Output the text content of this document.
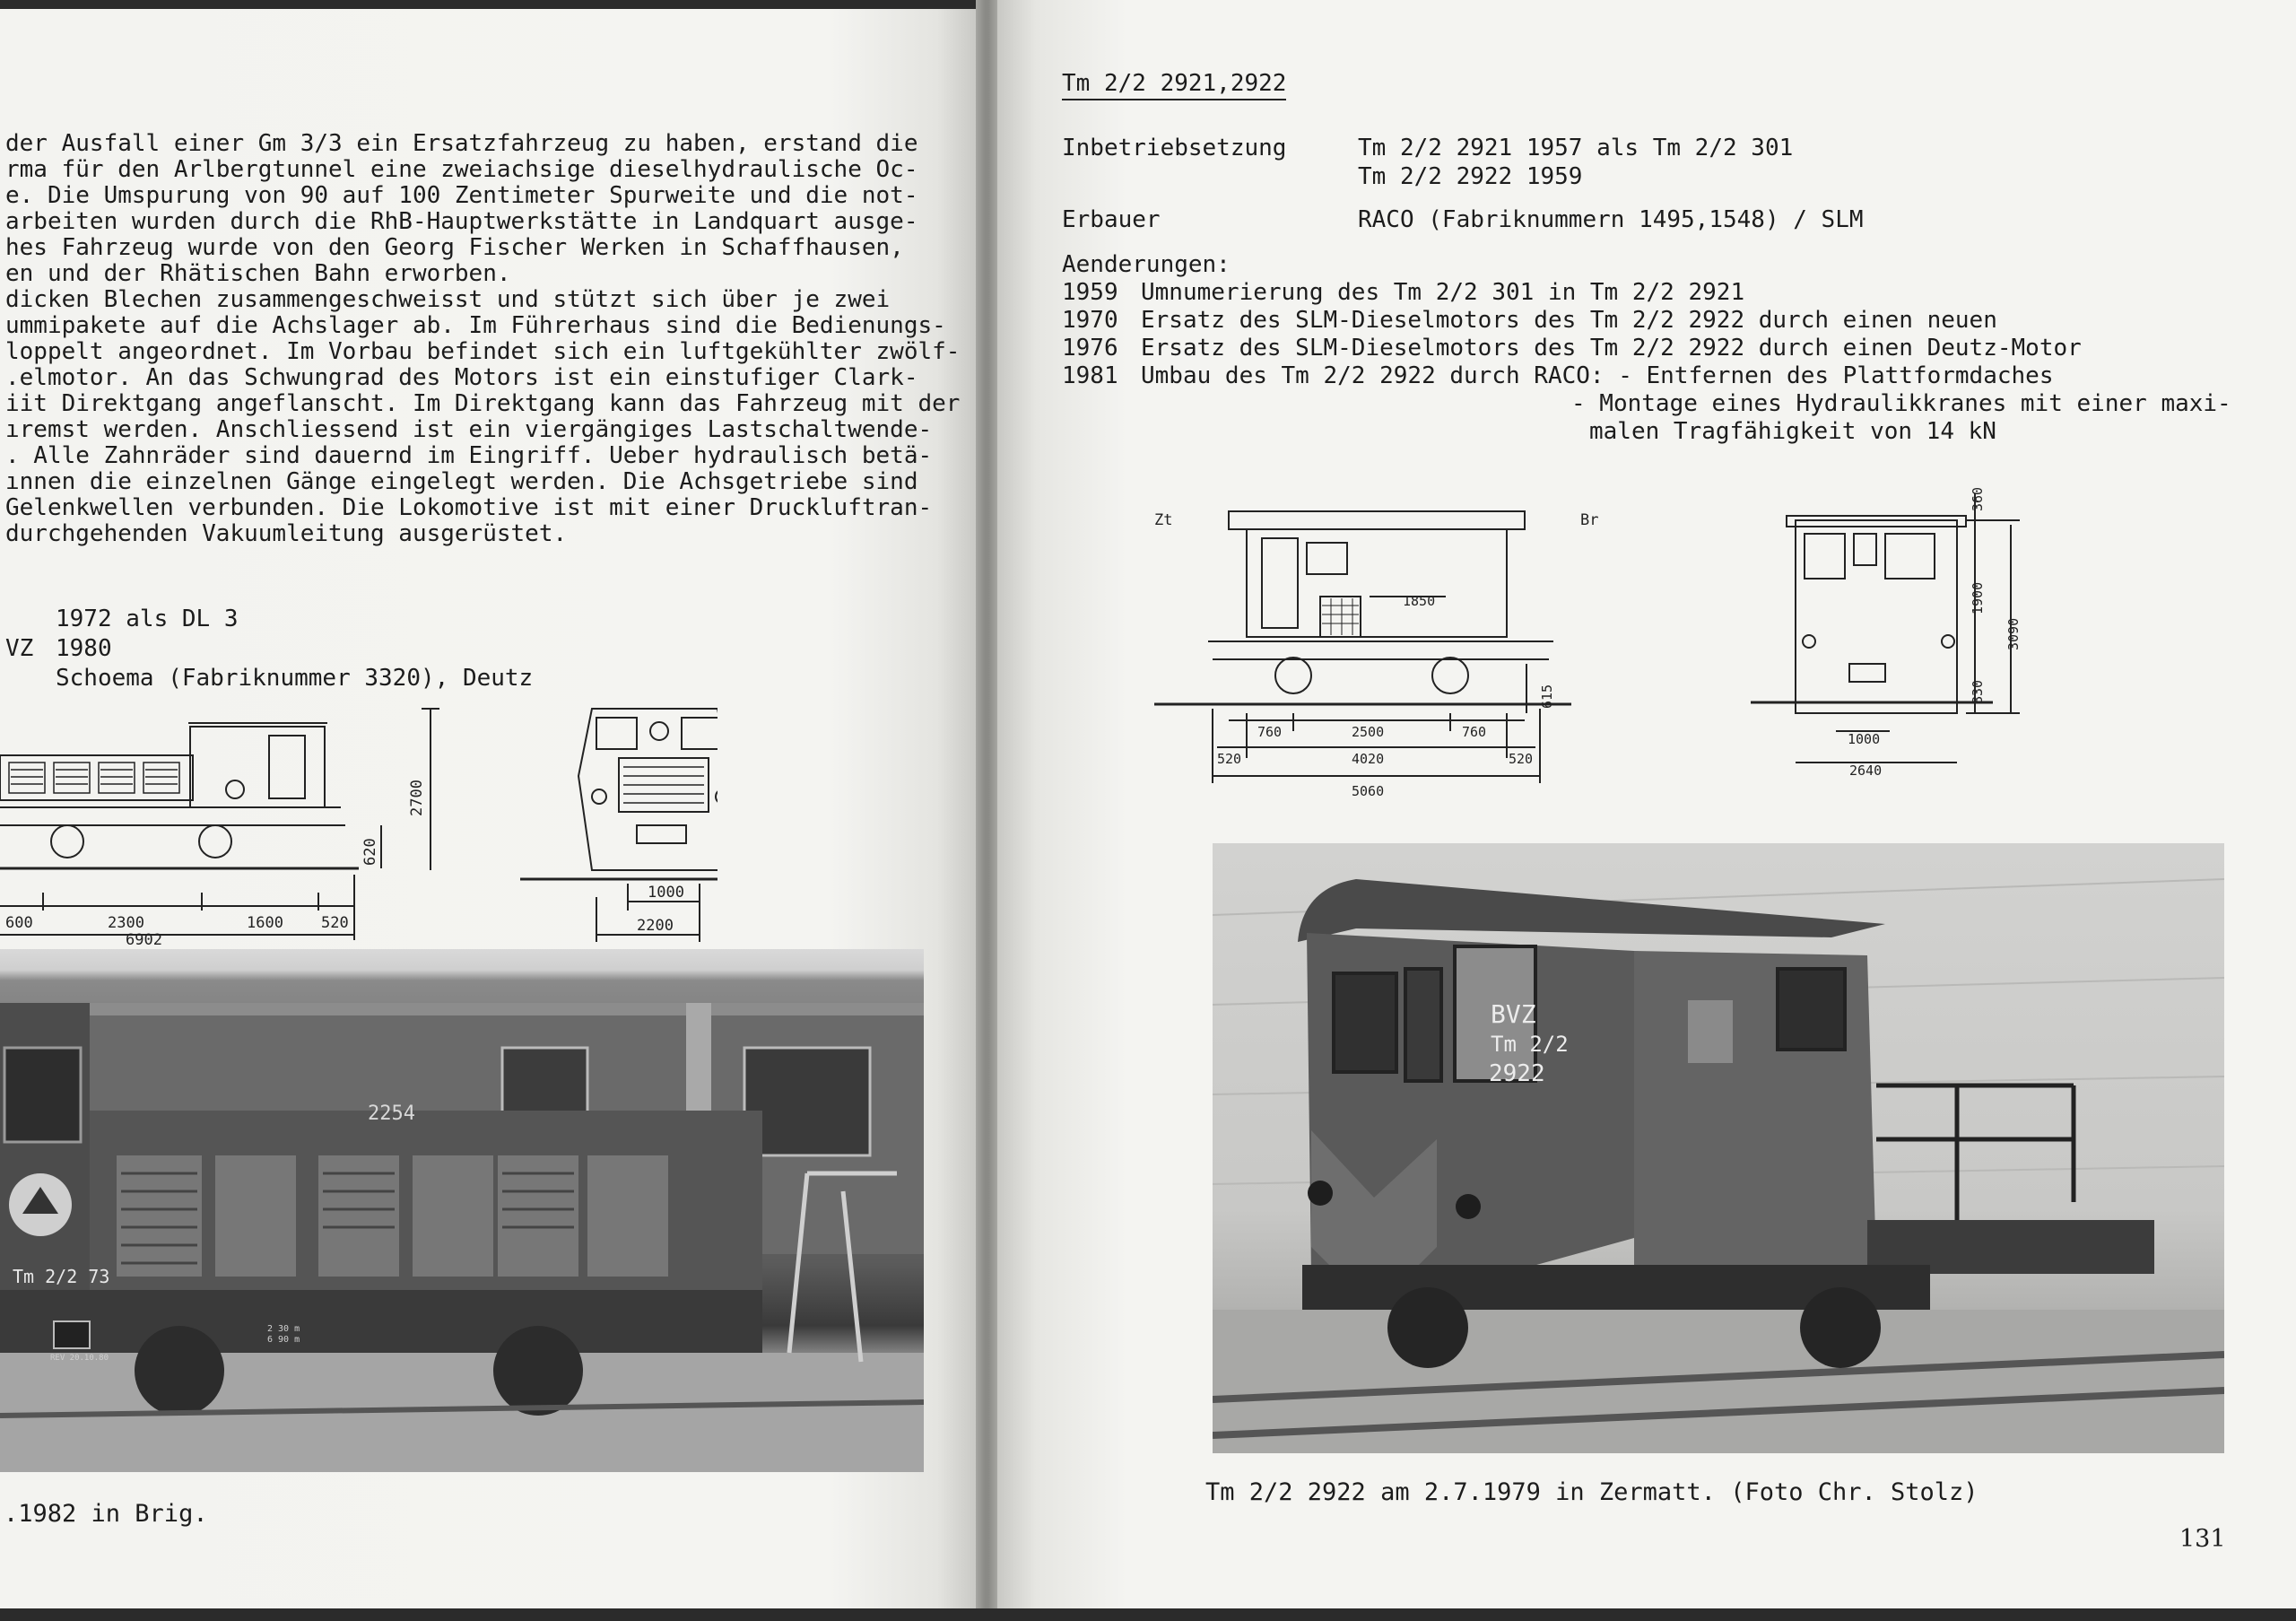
der Ausfall einer Gm 3/3 ein Ersatzfahrzeug zu haben, erstand die
rma für den Arlbergtunnel eine zweiachsige dieselhydraulische Oc-
e. Die Umspurung von 90 auf 100 Zentimeter Spurweite und die not-
arbeiten wurden durch die RhB-Hauptwerkstätte in Landquart ausge-
hes Fahrzeug wurde von den Georg Fischer Werken in Schaffhausen,
en und der Rhätischen Bahn erworben.
dicken Blechen zusammengeschweisst und stützt sich über je zwei
ummipakete auf die Achslager ab. Im Führerhaus sind die Bedienungs-
loppelt angeordnet. Im Vorbau befindet sich ein luftgekühlter zwölf-
.elmotor. An das Schwungrad des Motors ist ein einstufiger Clark-
iit Direktgang angeflanscht. Im Direktgang kann das Fahrzeug mit der
ıremst werden. Anschliessend ist ein viergängiges Lastschaltwende-
. Alle Zahnräder sind dauernd im Eingriff. Ueber hydraulisch betä-
ınnen die einzelnen Gänge eingelegt werden. Die Achsgetriebe sind
Gelenkwellen verbunden. Die Lokomotive ist mit einer Druckluftran-
durchgehenden Vakuumleitung ausgerüstet.
1972 als DL 3
VZ 1980
Schoema (Fabriknummer 3320), Deutz
600	2300	1600 520
6902
2700
620
1000
2200
2254
Tm 2/2 73
2 30 m
6 90 m
REV 20.10.80
.1982 in Brig.
Tm 2/2 2921,2922
Inbetriebsetzung	Tm 2/2 2921 1957 als Tm 2/2 301
Tm 2/2 2922 1959
Erbauer	RACO (Fabriknummern 1495,1548) / SLM
Aenderungen:
1959 Umnumerierung des Tm 2/2 301 in Tm 2/2 2921
1970 Ersatz des SLM-Dieselmotors des Tm 2/2 2922 durch einen neuen
1976 Ersatz des SLM-Dieselmotors des Tm 2/2 2922 durch einen Deutz-Motor
1981 Umbau des Tm 2/2 2922 durch RACO: - Entfernen des Plattformdaches
- Montage eines Hydraulikkranes mit einer maxi-
malen Tragfähigkeit von 14 kN
Zt	Br
1850
760	2500	760
520	4020	520
5060
615
360
1900
3090
830
1000
2640
BVZ
Tm 2/2
2922
Tm 2/2 2922 am 2.7.1979 in Zermatt. (Foto Chr. Stolz)
131
